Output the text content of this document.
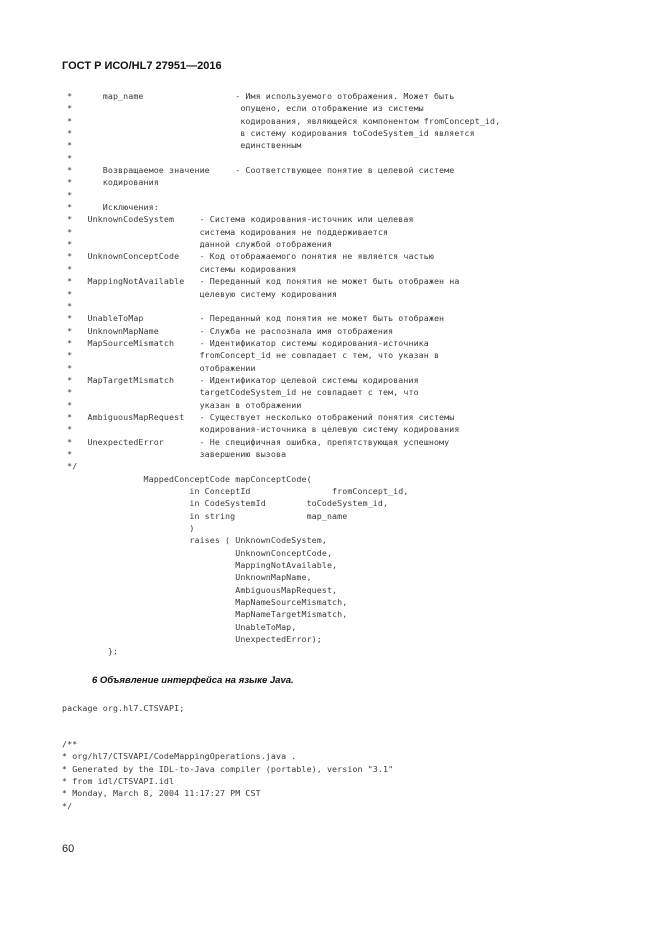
ГОСТ Р ИСО/HL7 27951—2016
*      map_name                  - Имя используемого отображения. Может быть
*                                 опущено, если отображение из системы
*                                 кодирования, являющейся компонентом fromConcept_id,
*                                 в систему кодирования toCodeSystem_id является
*                                 единственным
*
*      Возвращаемое значение     - Соответствующее понятие в целевой системе
*      кодирования
*
*      Исключения:
*   UnknownCodeSystem     - Система кодирования-источник или целевая
*                         система кодирования не поддерживается
*                         данной службой отображения
*   UnknownConceptCode    - Код отображаемого понятия не является частью
*                         системы кодирования
*   MappingNotAvailable   - Переданный код понятия не может быть отображен на
*                         целевую систему кодирования
*
*   UnableToMap           - Переданный код понятия не может быть отображен
*   UnknownMapName        - Служба не распознала имя отображения
*   MapSourceMismatch     - Идентификатор системы кодирования-источника
*                         fromConcept_id не совпадает с тем, что указан в
*                         отображении
*   MapTargetMismatch     - Идентификатор целевой системы кодирования
*                         targetCodeSystem_id не совпадает с тем, что
*                         указан в отображении
*   AmbiguousMapRequest   - Существует несколько отображений понятия системы
*                         кодирования-источника в целевую систему кодирования
*   UnexpectedError       - Не специфичная ошибка, препятствующая успешному
*                         завершению вызова
*/
MappedConceptCode mapConceptCode(
in ConceptId                fromConcept_id,
in CodeSystemId        toCodeSystem_id,
in string              map_name
)
raises ( UnknownCodeSystem,
UnknownConceptCode,
MappingNotAvailable,
UnknownMapName,
AmbiguousMapRequest,
MapNameSourceMismatch,
MapNameTargetMismatch,
UnableToMap,
UnexpectedError);
};
6 Объявление интерфейса на языке Java.
package org.hl7.CTSVAPI;
/**
* org/hl7/CTSVAPI/CodeMappingOperations.java .
* Generated by the IDL-to-Java compiler (portable), version "3.1"
* from idl/CTSVAPI.idl
* Monday, March 8, 2004 11:17:27 PM CST
*/
60
